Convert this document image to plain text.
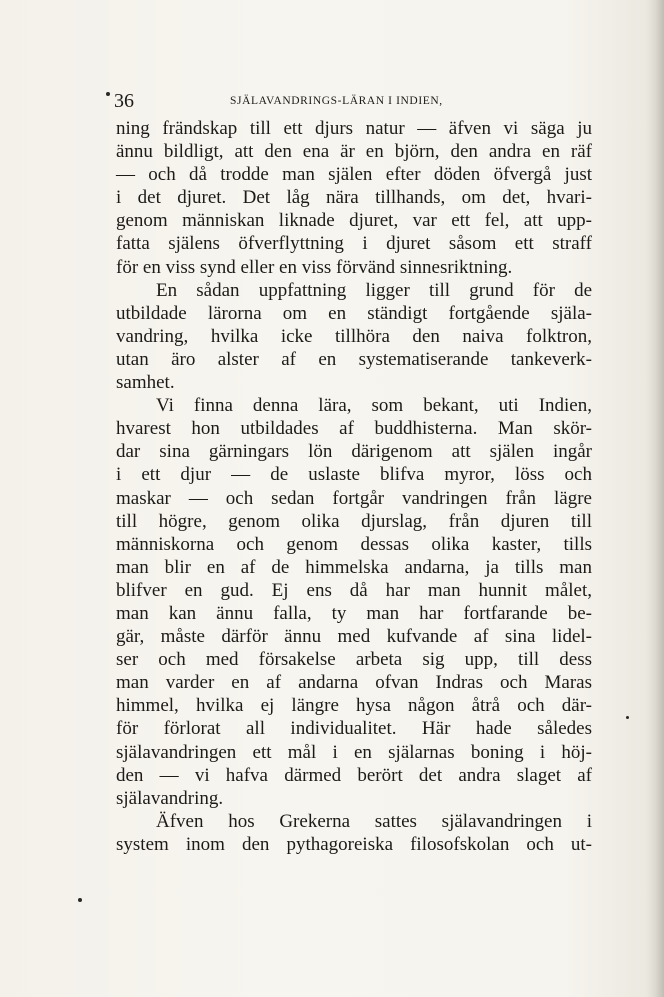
36	SJÄLAVANDRINGS-LÄRAN I INDIEN,
ning frändskap till ett djurs natur — äfven vi säga ju
ännu bildligt, att den ena är en björn, den andra en räf
— och då trodde man själen efter döden öfvergå just
i det djuret. Det låg nära tillhands, om det, hvari-
genom människan liknade djuret, var ett fel, att upp-
fatta själens öfverflyttning i djuret såsom ett straff
för en viss synd eller en viss förvänd sinnesriktning.
En sådan uppfattning ligger till grund för de
utbildade lärorna om en ständigt fortgående själa-
vandring, hvilka icke tillhöra den naiva folktron,
utan äro alster af en systematiserande tankeverk-
samhet.
Vi finna denna lära, som bekant, uti Indien,
hvarest hon utbildades af buddhisterna. Man skör-
dar sina gärningars lön därigenom att själen ingår
i ett djur — de uslaste blifva myror, löss och
maskar — och sedan fortgår vandringen från lägre
till högre, genom olika djurslag, från djuren till
människorna och genom dessas olika kaster, tills
man blir en af de himmelska andarna, ja tills man
blifver en gud. Ej ens då har man hunnit målet,
man kan ännu falla, ty man har fortfarande be-
gär, måste därför ännu med kufvande af sina lidel-
ser och med försakelse arbeta sig upp, till dess
man varder en af andarna ofvan Indras och Maras
himmel, hvilka ej längre hysa någon åtrå och där-
för förlorat all individualitet. Här hade således
själavandringen ett mål i en själarnas boning i höj-
den — vi hafva därmed berört det andra slaget af
själavandring.
Äfven hos Grekerna sattes själavandringen i
system inom den pythagoreiska filosofskolan och ut-
